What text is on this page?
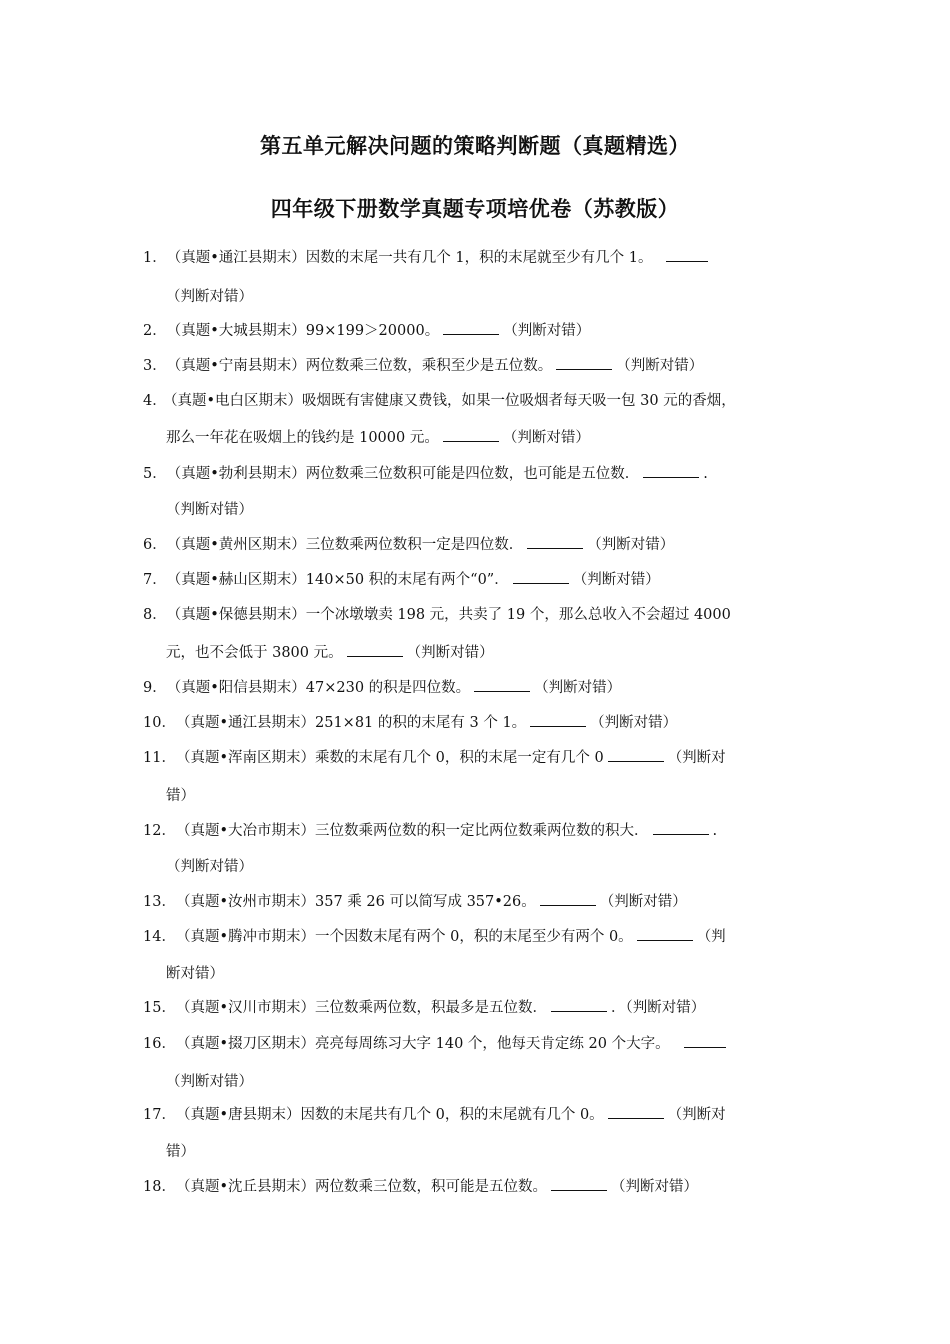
第五单元解决问题的策略判断题（真题精选）
四年级下册数学真题专项培优卷（苏教版）
1．（真题•通江县期末）因数的末尾一共有几个 1，积的末尾就至少有几个 1。
（判断对错）
2．（真题•大城县期末）99×199＞20000。	（判断对错）
3．（真题•宁南县期末）两位数乘三位数，乘积至少是五位数。	（判断对错）
4．
（真题•电白区期末）吸烟既有害健康又费钱，如果一位吸烟者每天吸一包 30 元的香烟，
那么一年花在吸烟上的钱约是 10000 元。	（判断对错）
5．（真题•勃利县期末）两位数乘三位数积可能是四位数，也可能是五位数．	.
（判断对错）
6．（真题•黄州区期末）三位数乘两位数积一定是四位数．	（判断对错）
7．（真题•赫山区期末）140×50 积的末尾有两个“0”．	（判断对错）
8．（真题•保德县期末）一个冰墩墩卖 198 元，共卖了 19 个，那么总收入不会超过 4000
元，也不会低于 3800 元。	（判断对错）
9．（真题•阳信县期末）47×230 的积是四位数。	（判断对错）
10．（真题•通江县期末）251×81 的积的末尾有 3 个 1。	（判断对错）
11．（真题•浑南区期末）乘数的末尾有几个 0，积的末尾一定有几个 0	（判断对
错）
12．（真题•大冶市期末）三位数乘两位数的积一定比两位数乘两位数的积大．	.
（判断对错）
13．（真题•汝州市期末）357 乘 26 可以简写成 357•26。	（判断对错）
14．（真题•腾冲市期末）一个因数末尾有两个 0，积的末尾至少有两个 0。	（判
断对错）
15．（真题•汉川市期末）三位数乘两位数，积最多是五位数．	．（判断对错）
16．（真题•掇刀区期末）亮亮每周练习大字 140 个，他每天肯定练 20 个大字。
（判断对错）
17．（真题•唐县期末）因数的末尾共有几个 0，积的末尾就有几个 0。	（判断对
错）
18．（真题•沈丘县期末）两位数乘三位数，积可能是五位数。	（判断对错）
